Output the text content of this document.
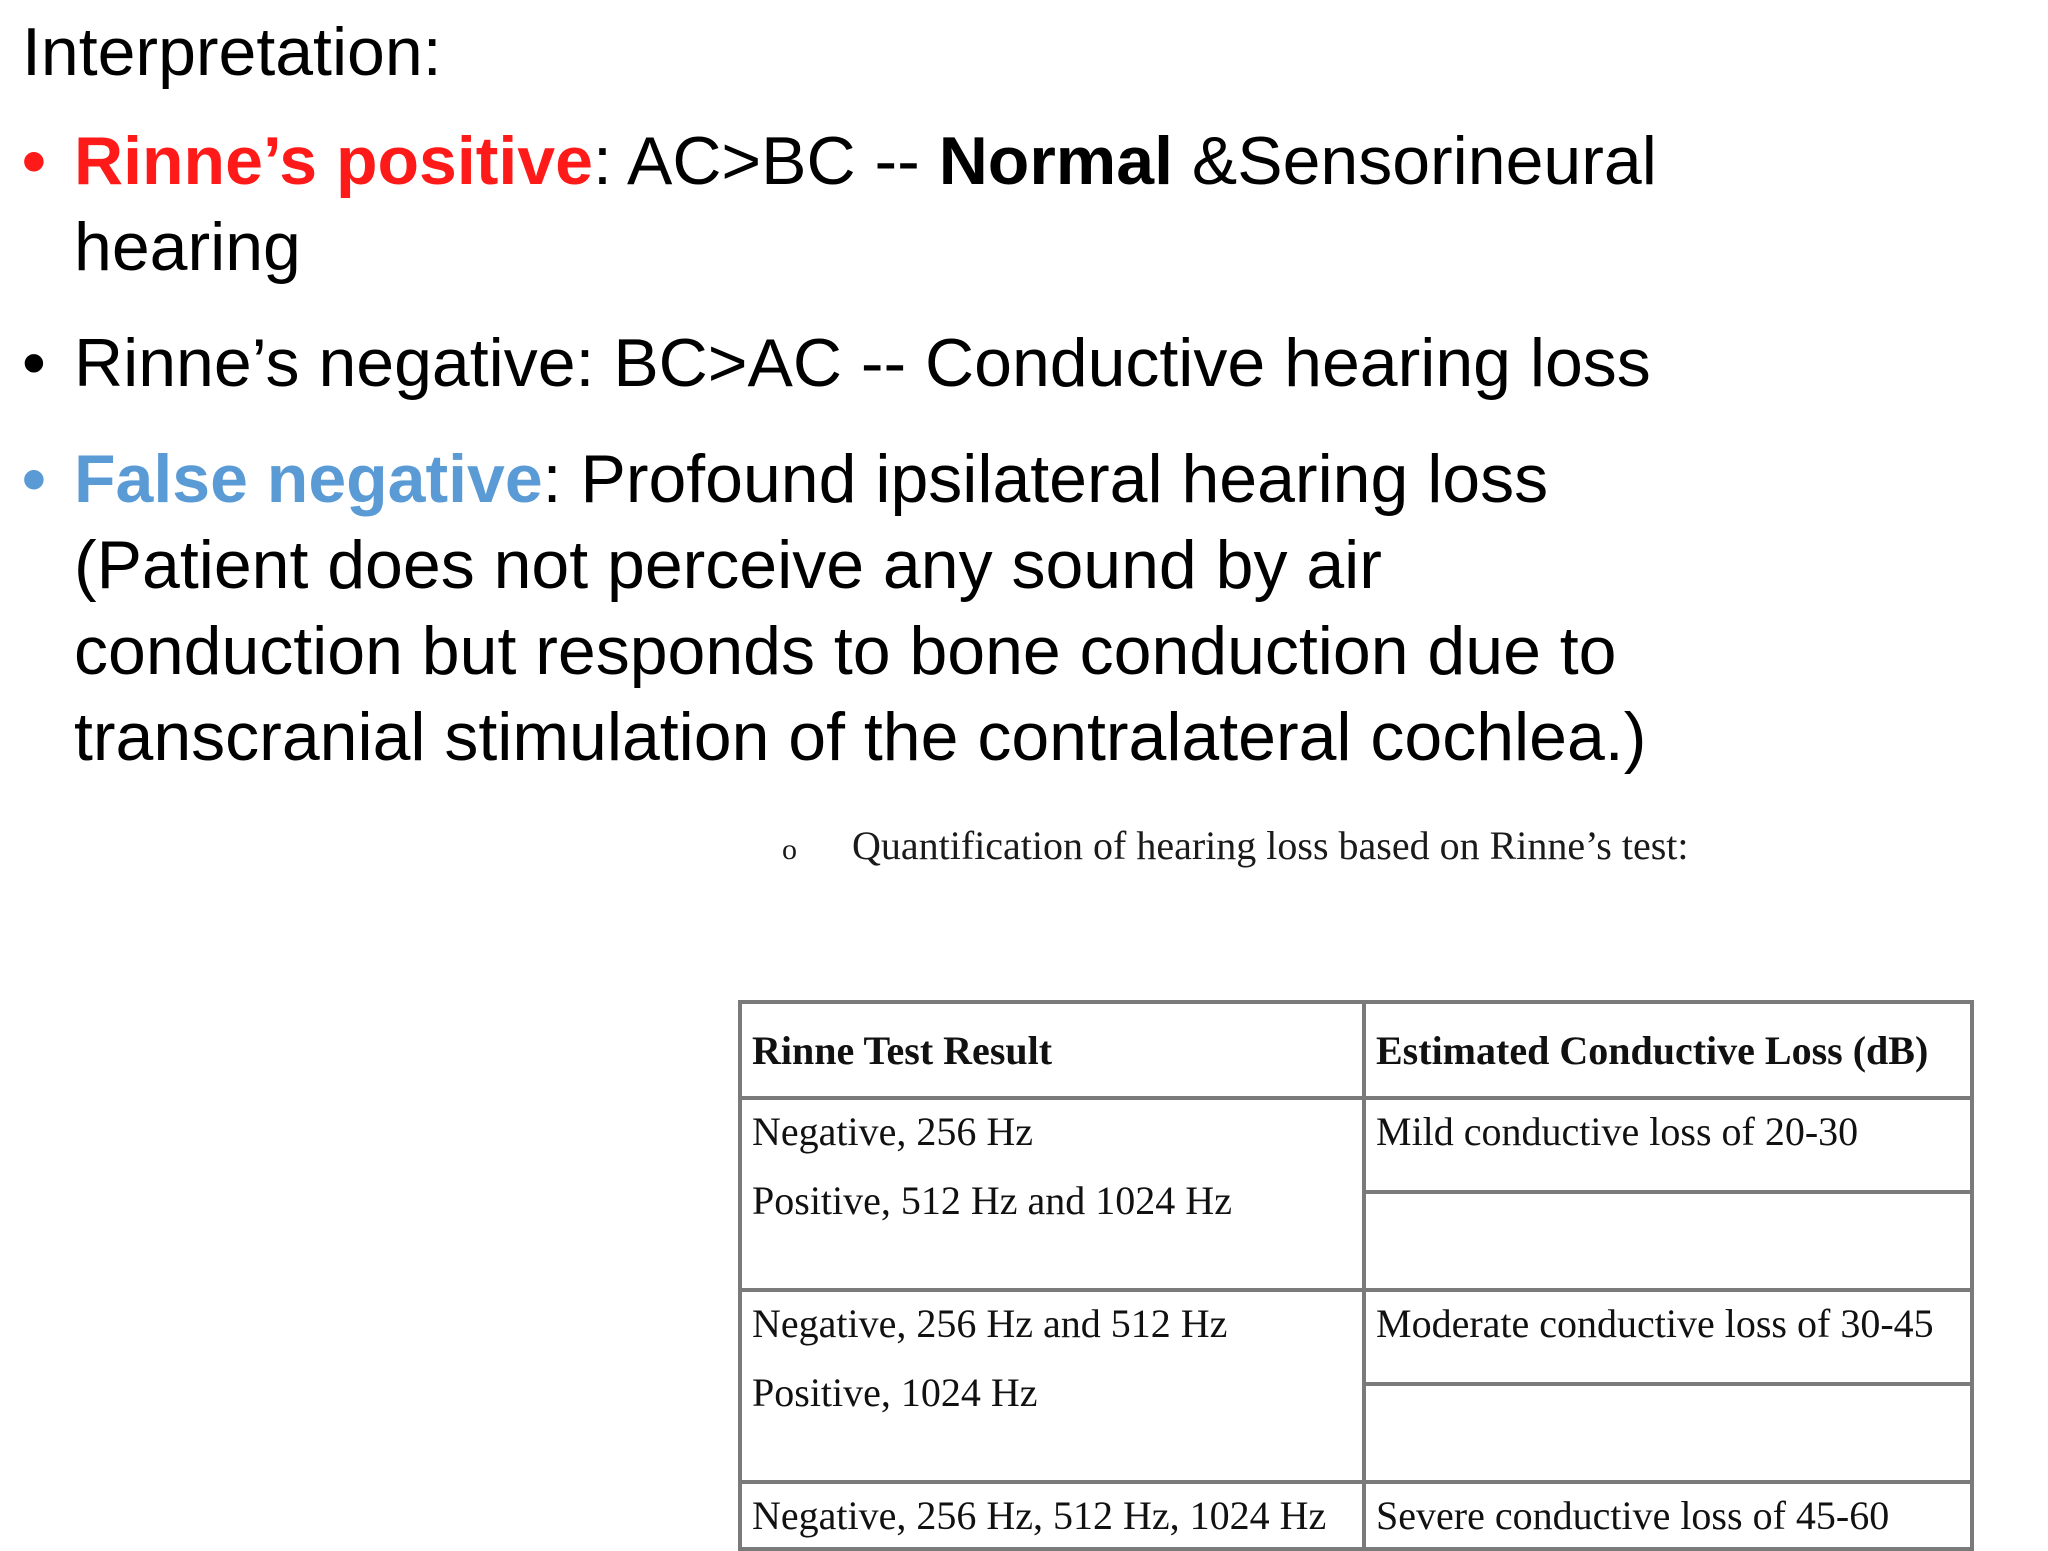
Interpretation:
• Rinne’s positive: AC>BC -- Normal &Sensorineural hearing
• Rinne’s negative: BC>AC -- Conductive hearing loss
• False negative: Profound ipsilateral hearing loss (Patient does not perceive any sound by air conduction but responds to bone conduction due to transcranial stimulation of the contralateral cochlea.)
o Quantification of hearing loss based on Rinne’s test:
Rinne Test Result	Estimated Conductive Loss (dB)

Negative, 256 Hz
Positive, 512 Hz and 1024 Hz	Mild conductive loss of 20-30

Negative, 256 Hz and 512 Hz
Positive, 1024 Hz	Moderate conductive loss of 30-45

Negative, 256 Hz, 512 Hz, 1024 Hz	Severe conductive loss of 45-60
